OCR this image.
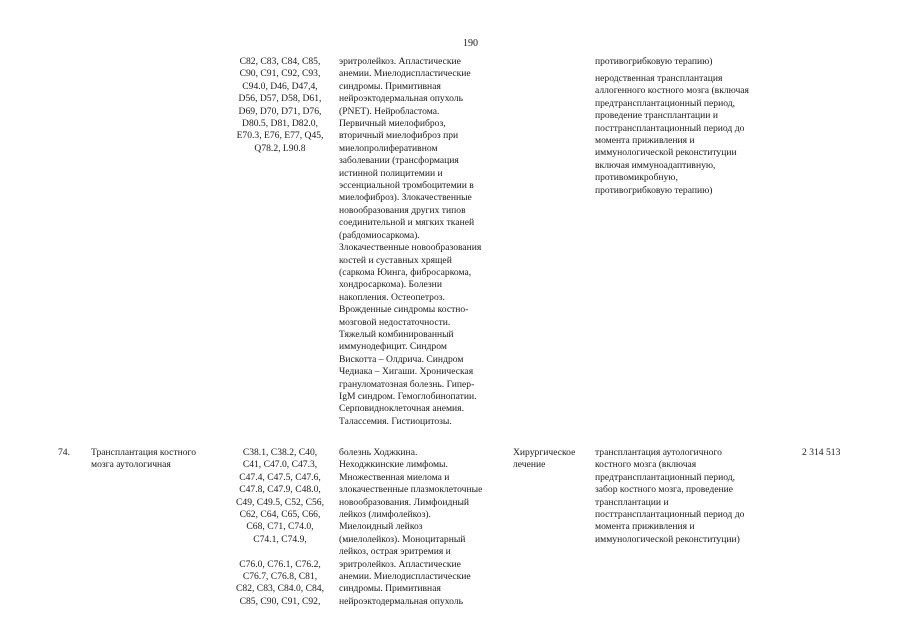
190
C82, C83, C84, C85,
C90, C91, C92, C93,
C94.0, D46, D47,4,
D56, D57, D58, D61,
D69, D70, D71, D76,
D80.5, D81, D82.0,
E70.3, E76, E77, Q45,
Q78.2, L90.8
эритролейкоз. Апластические
анемии. Миелодиспластические
синдромы. Примитивная
нейроэктодермальная опухоль
(PNET). Нейробластома.
Первичный миелофиброз,
вторичный миелофиброз при
миелопролиферативном
заболевании (трансформация
истинной полицитемии и
эссенциальной тромбоцитемии в
миелофиброз). Злокачественные
новообразования других типов
соединительной и мягких тканей
(рабдомиосаркома).
Злокачественные новообразования
костей и суставных хрящей
(саркома Юинга, фибросаркома,
хондросаркома). Болезни
накопления. Остеопетроз.
Врожденные синдромы костно-
мозговой недостаточности.
Тяжелый комбинированный
иммунодефицит. Синдром
Вискотта – Олдрича. Синдром
Чедиака – Хигаши. Хроническая
грануломатозная болезнь. Гипер-
IgM синдром. Гемоглобинопатии.
Серповидноклеточная анемия.
Талассемия. Гистиоцитозы.
противогрибковую терапию)
неродственная трансплантация
аллогенного костного мозга (включая
предтрансплантационный период,
проведение трансплантации и
посттрансплантационный период до
момента приживления и
иммунологической реконституции
включая иммуноадаптивную,
противомикробную,
противогрибковую терапию)
74. Трансплантация костного
мозга аутологичная
C38.1, C38.2, C40,
C41, C47.0, C47.3,
C47.4, C47.5, C47.6,
C47.8, C47.9, C48.0,
C49, C49.5, C52, C56,
C62, C64, C65, C66,
C68, C71, C74.0,
C74.1, C74.9,

C76.0, C76.1, C76.2,
C76.7, C76.8, C81,
C82, C83, C84.0, C84,
C85, C90, C91, C92,
болезнь Ходжкина.
Неходжкинские лимфомы.
Множественная миелома и
злокачественные плазмоклеточные
новообразования. Лимфоидный
лейкоз (лимфолейкоз).
Миелоидный лейкоз
(миелолейкоз). Моноцитарный
лейкоз, острая эритремия и
эритролейкоз. Апластические
анемии. Миелодиспластические
синдромы. Примитивная
нейроэктодермальная опухоль
Хирургическое
лечение
трансплантация аутологичного
костного мозга (включая
предтрансплантационный период,
забор костного мозга, проведение
трансплантации и
посттрансплантационный период до
момента приживления и
иммунологической реконституции)
2 314 513
